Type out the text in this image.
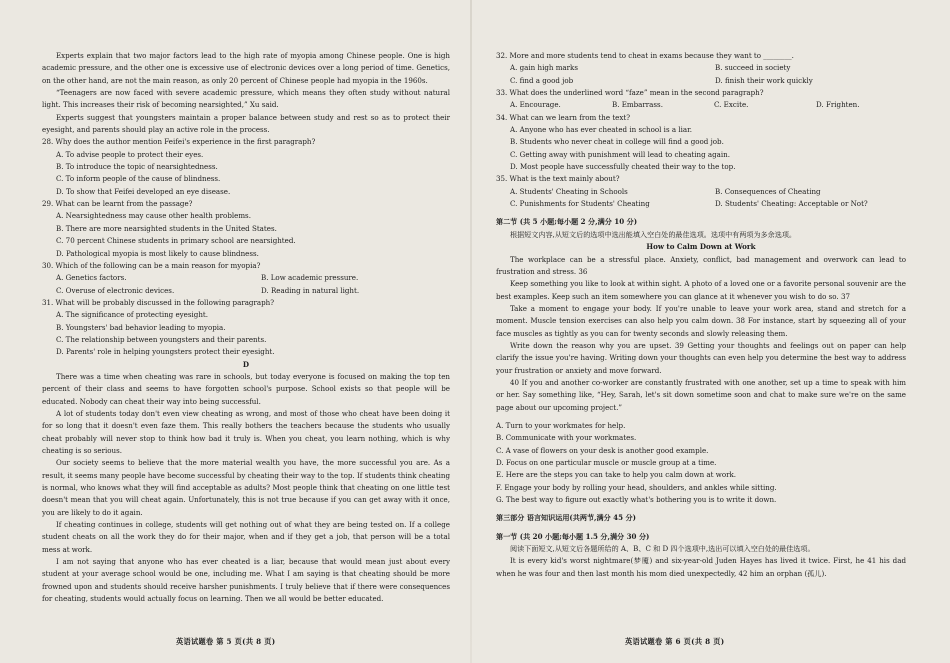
Experts explain that two major factors lead to the high rate of myopia among Chinese people. One is high academic pressure, and the other one is excessive use of electronic devices over a long period of time. Genetics, on the other hand, are not the main reason, as only 20 percent of Chinese people had myopia in the 1960s.

“Teenagers are now faced with severe academic pressure, which means they often study without natural light. This increases their risk of becoming nearsighted,” Xu said.

Experts suggest that youngsters maintain a proper balance between study and rest so as to protect their eyesight, and parents should play an active role in the process.

28. Why does the author mention Feifei's experience in the first paragraph?

A. To advise people to protect their eyes.

B. To introduce the topic of nearsightedness.

C. To inform people of the cause of blindness.

D. To show that Feifei developed an eye disease.

29. What can be learnt from the passage?

A. Nearsightedness may cause other health problems.

B. There are more nearsighted students in the United States.

C. 70 percent Chinese students in primary school are nearsighted.

D. Pathological myopia is most likely to cause blindness.

30. Which of the following can be a main reason for myopia?

A. Genetics factors.	B. Low academic pressure.
C. Overuse of electronic devices.	D. Reading in natural light.

31. What will be probably discussed in the following paragraph?

A. The significance of protecting eyesight.

B. Youngsters' bad behavior leading to myopia.

C. The relationship between youngsters and their parents.

D. Parents' role in helping youngsters protect their eyesight.

D

There was a time when cheating was rare in schools, but today everyone is focused on making the top ten percent of their class and seems to have forgotten school's purpose. School exists so that people will be educated. Nobody can cheat their way into being successful.

A lot of students today don't even view cheating as wrong, and most of those who cheat have been doing it for so long that it doesn't even faze them. This really bothers the teachers because the students who usually cheat probably will never stop to think how bad it truly is. When you cheat, you learn nothing, which is why cheating is so serious.

Our society seems to believe that the more material wealth you have, the more successful you are. As a result, it seems many people have become successful by cheating their way to the top. If students think cheating is normal, who knows what they will find acceptable as adults? Most people think that cheating on one little test doesn't mean that you will cheat again. Unfortunately, this is not true because if you can get away with it once, you are likely to do it again.

If cheating continues in college, students will get nothing out of what they are being tested on. If a college student cheats on all the work they do for their major, when and if they get a job, that person will be a total mess at work.

I am not saying that anyone who has ever cheated is a liar, because that would mean just about every student at your average school would be one, including me. What I am saying is that cheating should be more frowned upon and students should receive harsher punishments. I truly believe that if there were consequences for cheating, students would actually focus on learning. Then we all would be better educated.

32. More and more students tend to cheat in exams because they want to ________.

A. gain high marks	B. succeed in society
C. find a good job	D. finish their work quickly

33. What does the underlined word “faze” mean in the second paragraph?

A. Encourage.	B. Embarrass.	C. Excite.	D. Frighten.

34. What can we learn from the text?

A. Anyone who has ever cheated in school is a liar.

B. Students who never cheat in college will find a good job.

C. Getting away with punishment will lead to cheating again.

D. Most people have successfully cheated their way to the top.

35. What is the text mainly about?

A. Students' Cheating in Schools	B. Consequences of Cheating
C. Punishments for Students' Cheating	D. Students' Cheating: Acceptable or Not?

第二节 (共 5 小题;每小题 2 分,满分 10 分)

根据短文内容,从短文后的选项中选出能填入空白处的最佳选项。选项中有两项为多余选项。

How to Calm Down at Work

The workplace can be a stressful place. Anxiety, conflict, bad management and overwork can lead to frustration and stress. 36

Keep something you like to look at within sight. A photo of a loved one or a favorite personal souvenir are the best examples. Keep such an item somewhere you can glance at it whenever you wish to do so. 37

Take a moment to engage your body. If you're unable to leave your work area, stand and stretch for a moment. Muscle tension exercises can also help you calm down. 38 For instance, start by squeezing all of your face muscles as tightly as you can for twenty seconds and slowly releasing them.

Write down the reason why you are upset. 39 Getting your thoughts and feelings out on paper can help clarify the issue you're having. Writing down your thoughts can even help you determine the best way to address your frustration or anxiety and move forward.

40 If you and another co-worker are constantly frustrated with one another, set up a time to speak with him or her. Say something like, “Hey, Sarah, let's sit down sometime soon and chat to make sure we're on the same page about our upcoming project.”

A. Turn to your workmates for help.

B. Communicate with your workmates.

C. A vase of flowers on your desk is another good example.

D. Focus on one particular muscle or muscle group at a time.

E. Here are the steps you can take to help you calm down at work.

F. Engage your body by rolling your head, shoulders, and ankles while sitting.

G. The best way to figure out exactly what's bothering you is to write it down.

第三部分 语言知识运用(共两节,满分 45 分)

第一节 (共 20 小题;每小题 1.5 分,满分 30 分)

阅读下面短文,从短文后各题所给的 A、B、C 和 D 四个选项中,选出可以填入空白处的最佳选项。

It is every kid's worst nightmare(梦魇) and six-year-old Juden Hayes has lived it twice. First, he 41 his dad when he was four and then last month his mom died unexpectedly, 42 him an orphan (孤儿).

英语试题卷 第 5 页(共 8 页)	英语试题卷 第 6 页(共 8 页)
